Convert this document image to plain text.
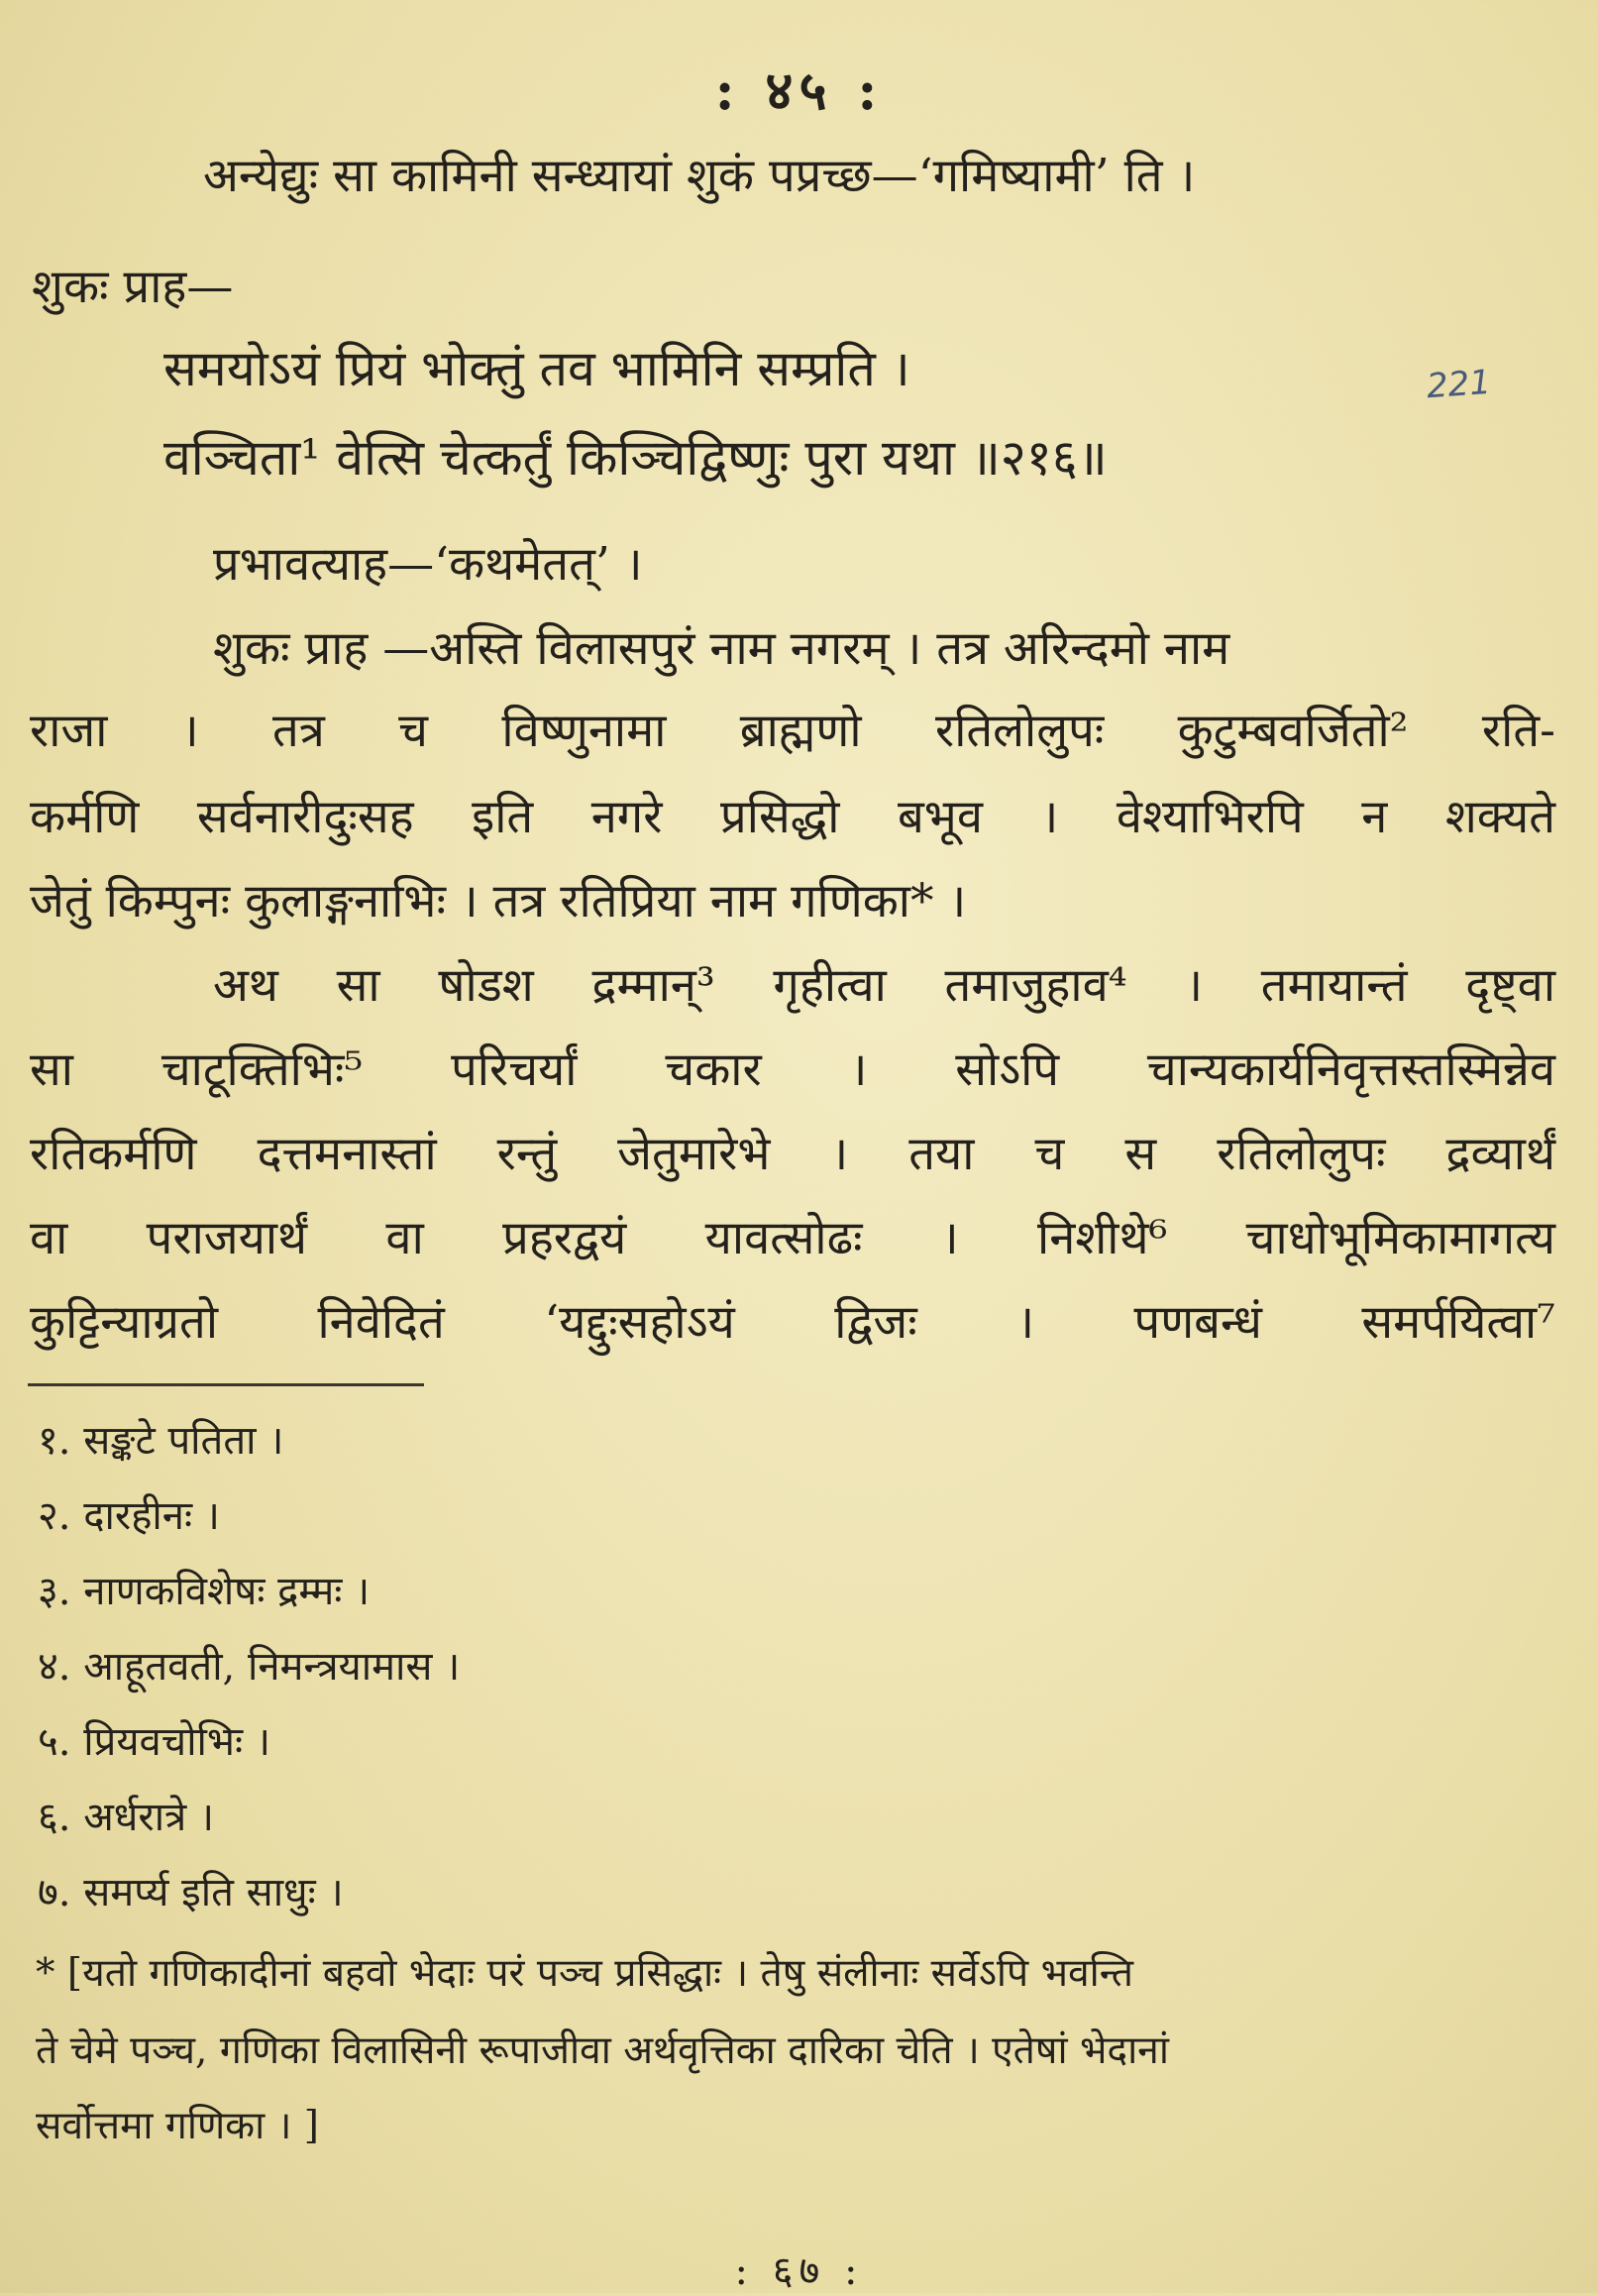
: ४५ :
अन्येद्युः सा कामिनी सन्ध्यायां शुकं पप्रच्छ—‘गमिष्यामी’ ति ।
शुकः प्राह—
समयोऽयं प्रियं भोक्तुं तव भामिनि सम्प्रति ।
वञ्चिता¹ वेत्सि चेत्कर्तुं किञ्चिद्विष्णुः पुरा यथा ॥२१६॥
221
प्रभावत्याह—‘कथमेतत्’ ।
शुकः प्राह —अस्ति विलासपुरं नाम नगरम् । तत्र अरिन्दमो नाम
राजा । तत्र च विष्णुनामा ब्राह्मणो रतिलोलुपः कुटुम्बवर्जितो² रति-
कर्मणि सर्वनारीदुःसह इति नगरे प्रसिद्धो बभूव । वेश्याभिरपि न शक्यते
जेतुं किम्पुनः कुलाङ्गनाभिः । तत्र रतिप्रिया नाम गणिका* ।
अथ सा षोडश द्रम्मान्³ गृहीत्वा तमाजुहाव⁴ । तमायान्तं दृष्ट्वा
सा चाटूक्तिभिः⁵ परिचर्यां चकार । सोऽपि चान्यकार्यनिवृत्तस्तस्मिन्नेव
रतिकर्मणि दत्तमनास्तां रन्तुं जेतुमारेभे । तया च स रतिलोलुपः द्रव्यार्थं
वा पराजयार्थं वा प्रहरद्वयं यावत्सोढः । निशीथे⁶ चाधोभूमिकामागत्य
कुट्टिन्याग्रतो निवेदितं ‘यद्दुःसहोऽयं द्विजः । पणबन्धं समर्पयित्वा⁷
१. सङ्कटे पतिता ।
२. दारहीनः ।
३. नाणकविशेषः द्रम्मः ।
४. आहूतवती, निमन्त्रयामास ।
५. प्रियवचोभिः ।
६. अर्धरात्रे ।
७. समर्प्य इति साधुः ।
* [यतो गणिकादीनां बहवो भेदाः परं पञ्च प्रसिद्धाः । तेषु संलीनाः सर्वेऽपि भवन्ति
ते चेमे पञ्च, गणिका विलासिनी रूपाजीवा अर्थवृत्तिका दारिका चेति । एतेषां भेदानां
सर्वोत्तमा गणिका । ]
: ६७ :
